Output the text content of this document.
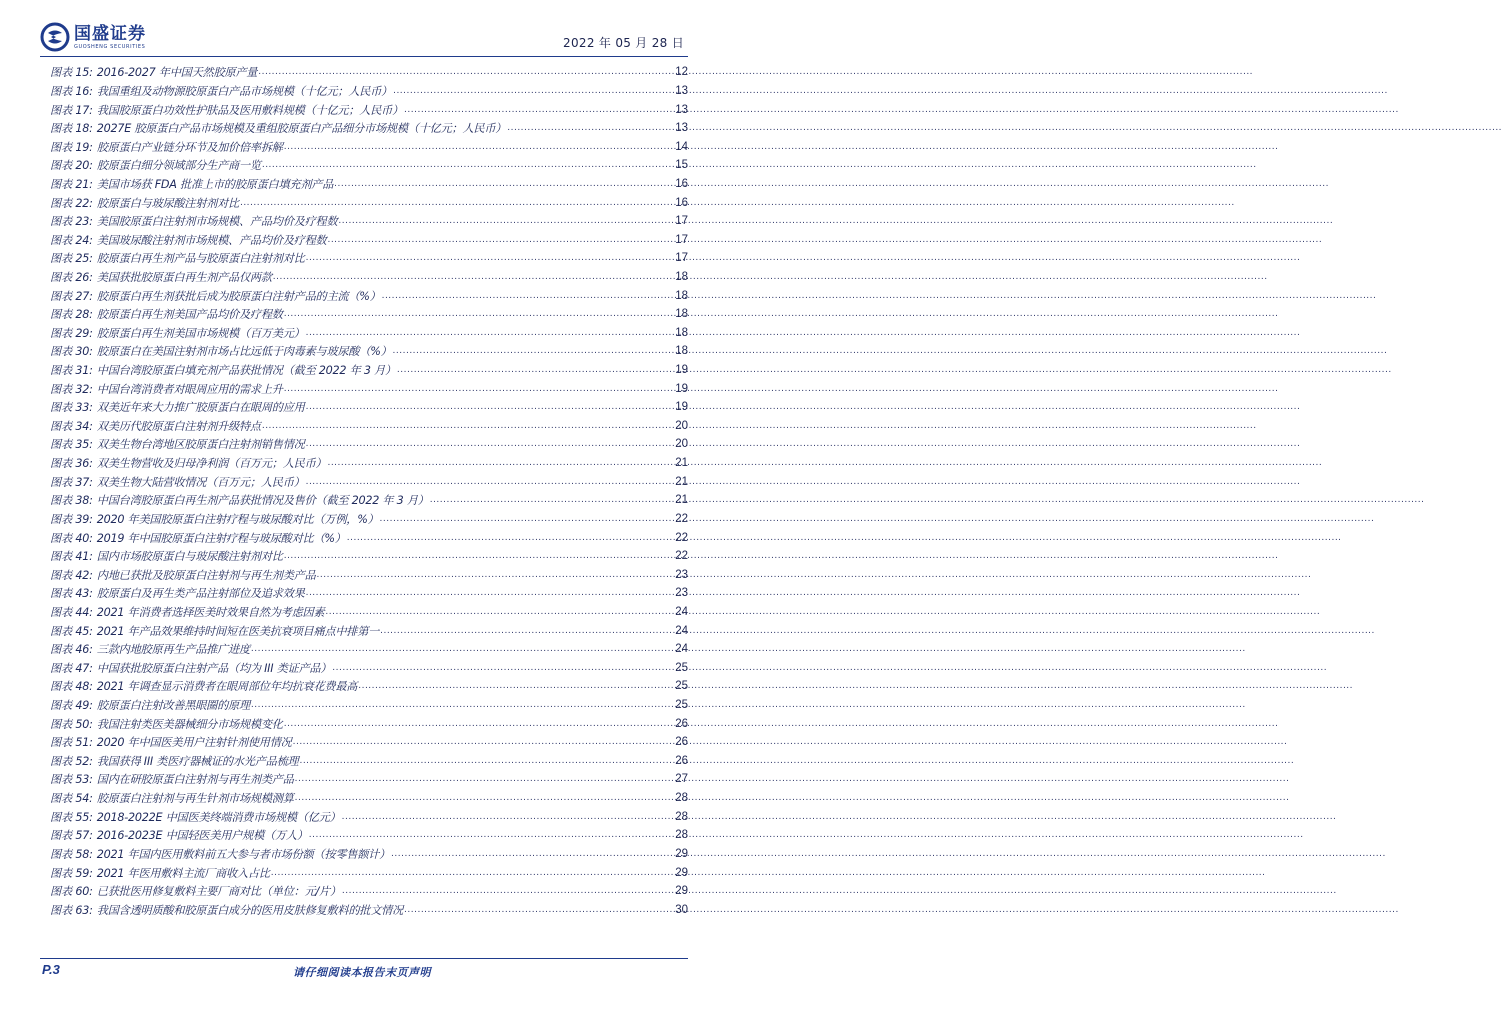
国盛证券
GUOSHENG SECURITIES	2022 年 05 月 28 日
图表 15: 2016-2027 年中国天然胶原产量 .....	12
图表 16: 我国重组及动物源胶原蛋白产品市场规模（十亿元；人民币） .....	13
图表 17: 我国胶原蛋白功效性护肤品及医用敷料规模（十亿元；人民币） .....	13
图表 18: 2027E 胶原蛋白产品市场规模及重组胶原蛋白产品细分市场规模（十亿元；人民币） .....	13
图表 19: 胶原蛋白产业链分环节及加价倍率拆解 .....	14
图表 20: 胶原蛋白细分领域部分生产商一览 .....	15
图表 21: 美国市场获 FDA 批准上市的胶原蛋白填充剂产品 .....	16
图表 22: 胶原蛋白与玻尿酸注射剂对比 .....	16
图表 23: 美国胶原蛋白注射剂市场规模、产品均价及疗程数 .....	17
图表 24: 美国玻尿酸注射剂市场规模、产品均价及疗程数 .....	17
图表 25: 胶原蛋白再生剂产品与胶原蛋白注射剂对比 .....	17
图表 26: 美国获批胶原蛋白再生剂产品仅两款 .....	18
图表 27: 胶原蛋白再生剂获批后成为胶原蛋白注射产品的主流（%） .....	18
图表 28: 胶原蛋白再生剂美国产品均价及疗程数 .....	18
图表 29: 胶原蛋白再生剂美国市场规模（百万美元） .....	18
图表 30: 胶原蛋白在美国注射剂市场占比远低于肉毒素与玻尿酸（%） .....	18
图表 31: 中国台湾胶原蛋白填充剂产品获批情况（截至 2022 年 3 月） .....	19
图表 32: 中国台湾消费者对眼周应用的需求上升 .....	19
图表 33: 双美近年来大力推广胶原蛋白在眼周的应用 .....	19
图表 34: 双美历代胶原蛋白注射剂升级特点 .....	20
图表 35: 双美生物台湾地区胶原蛋白注射剂销售情况 .....	20
图表 36: 双美生物营收及归母净利润（百万元；人民币） .....	21
图表 37: 双美生物大陆营收情况（百万元；人民币） .....	21
图表 38: 中国台湾胶原蛋白再生剂产品获批情况及售价（截至 2022 年 3 月） .....	21
图表 39: 2020 年美国胶原蛋白注射疗程与玻尿酸对比（万例，%） .....	22
图表 40: 2019 年中国胶原蛋白注射疗程与玻尿酸对比（%） .....	22
图表 41: 国内市场胶原蛋白与玻尿酸注射剂对比 .....	22
图表 42: 内地已获批及胶原蛋白注射剂与再生剂类产品 .....	23
图表 43: 胶原蛋白及再生类产品注射部位及追求效果 .....	23
图表 44: 2021 年消费者选择医美时效果自然为考虑因素 .....	24
图表 45: 2021 年产品效果维持时间短在医美抗衰项目痛点中排第一 .....	24
图表 46: 三款内地胶原再生产品推广进度 .....	24
图表 47: 中国获批胶原蛋白注射产品（均为 III 类证产品） .....	25
图表 48: 2021 年调查显示消费者在眼周部位年均抗衰花费最高 .....	25
图表 49: 胶原蛋白注射改善黑眼圈的原理 .....	25
图表 50: 我国注射类医美器械细分市场规模变化 .....	26
图表 51: 2020 年中国医美用户注射针剂使用情况 .....	26
图表 52: 我国获得 III 类医疗器械证的水光产品梳理 .....	26
图表 53: 国内在研胶原蛋白注射剂与再生剂类产品 .....	27
图表 54: 胶原蛋白注射剂与再生针剂市场规模测算 .....	28
图表 55: 2018-2022E 中国医美终端消费市场规模（亿元） .....	28
图表 57: 2016-2023E 中国轻医美用户规模（万人） .....	28
图表 58: 2021 年国内医用敷料前五大参与者市场份额（按零售额计） .....	29
图表 59: 2021 年医用敷料主流厂商收入占比 .....	29
图表 60: 已获批医用修复敷料主要厂商对比（单位：元/片） .....	29
图表 63: 我国含透明质酸和胶原蛋白成分的医用皮肤修复敷料的批文情况 .....	30
P.3	请仔细阅读本报告末页声明
